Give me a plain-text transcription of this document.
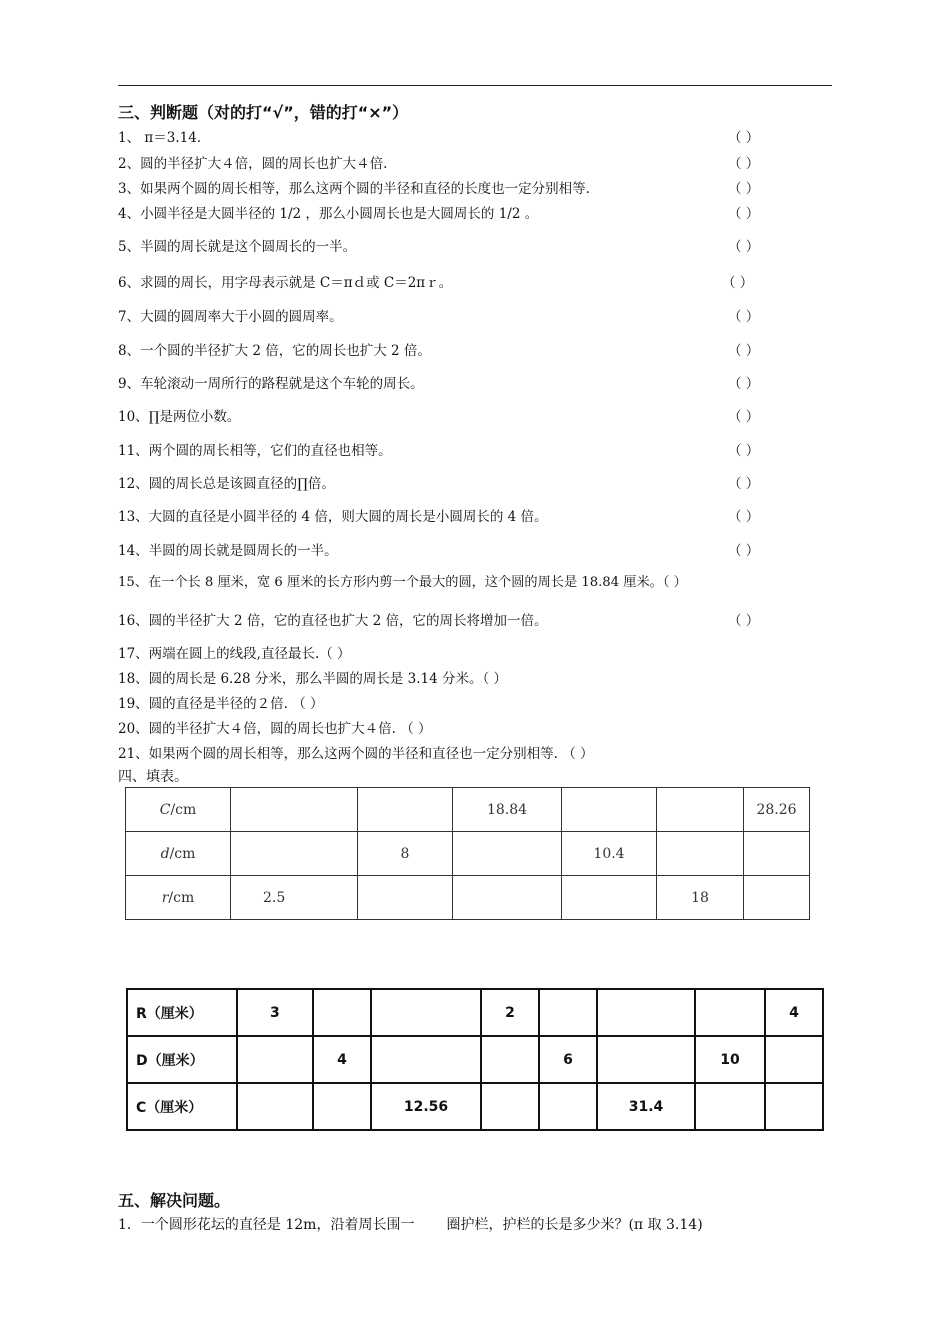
三、判断题（对的打“√”，错的打“×”）
1、 π＝3.14.	（ ）
2、圆的半径扩大４倍，圆的周长也扩大４倍.	（ ）
3、如果两个圆的周长相等，那么这两个圆的半径和直径的长度也一定分别相等.	（ ）
4、小圆半径是大圆半径的 1/2 ，那么小圆周长也是大圆周长的 1/2 。	（ ）
5、半圆的周长就是这个圆周长的一半。	（ ）
6、求圆的周长，用字母表示就是 C＝πｄ或 C＝2πｒ。	（ ）
7、大圆的圆周率大于小圆的圆周率。	（ ）
8、一个圆的半径扩大 2 倍，它的周长也扩大 2 倍。	（ ）
9、车轮滚动一周所行的路程就是这个车轮的周长。	（ ）
10、∏是两位小数。	（ ）
11、两个圆的周长相等，它们的直径也相等。	（ ）
12、圆的周长总是该圆直径的∏倍。	（ ）
13、大圆的直径是小圆半径的 4 倍，则大圆的周长是小圆周长的 4 倍。	（ ）
14、半圆的周长就是圆周长的一半。	（ ）
15、在一个长 8 厘米，宽 6 厘米的长方形内剪一个最大的圆，这个圆的周长是 18.84 厘米。（ ）
16、圆的半径扩大 2 倍，它的直径也扩大 2 倍，它的周长将增加一倍。	（ ）
17、两端在圆上的线段,直径最长.（ ）
18、圆的周长是 6.28 分米，那么半圆的周长是 3.14 分米。（ ）
19、圆的直径是半径的２倍. （ ）
20、圆的半径扩大４倍，圆的周长也扩大４倍. （ ）
21、如果两个圆的周长相等，那么这两个圆的半径和直径也一定分别相等. （ ）
四、填表。
C/cm			18.84			28.26
d/cm		8		10.4		
r/cm	2.5				18	
R（厘米）	3			2				4
D（厘米）		4			6		10	
C（厘米）			12.56			31.4		
五、解决问题。
1．一个圆形花坛的直径是 12m，沿着周长围一 圈护栏，护栏的长是多少米？(π 取 3.14)
